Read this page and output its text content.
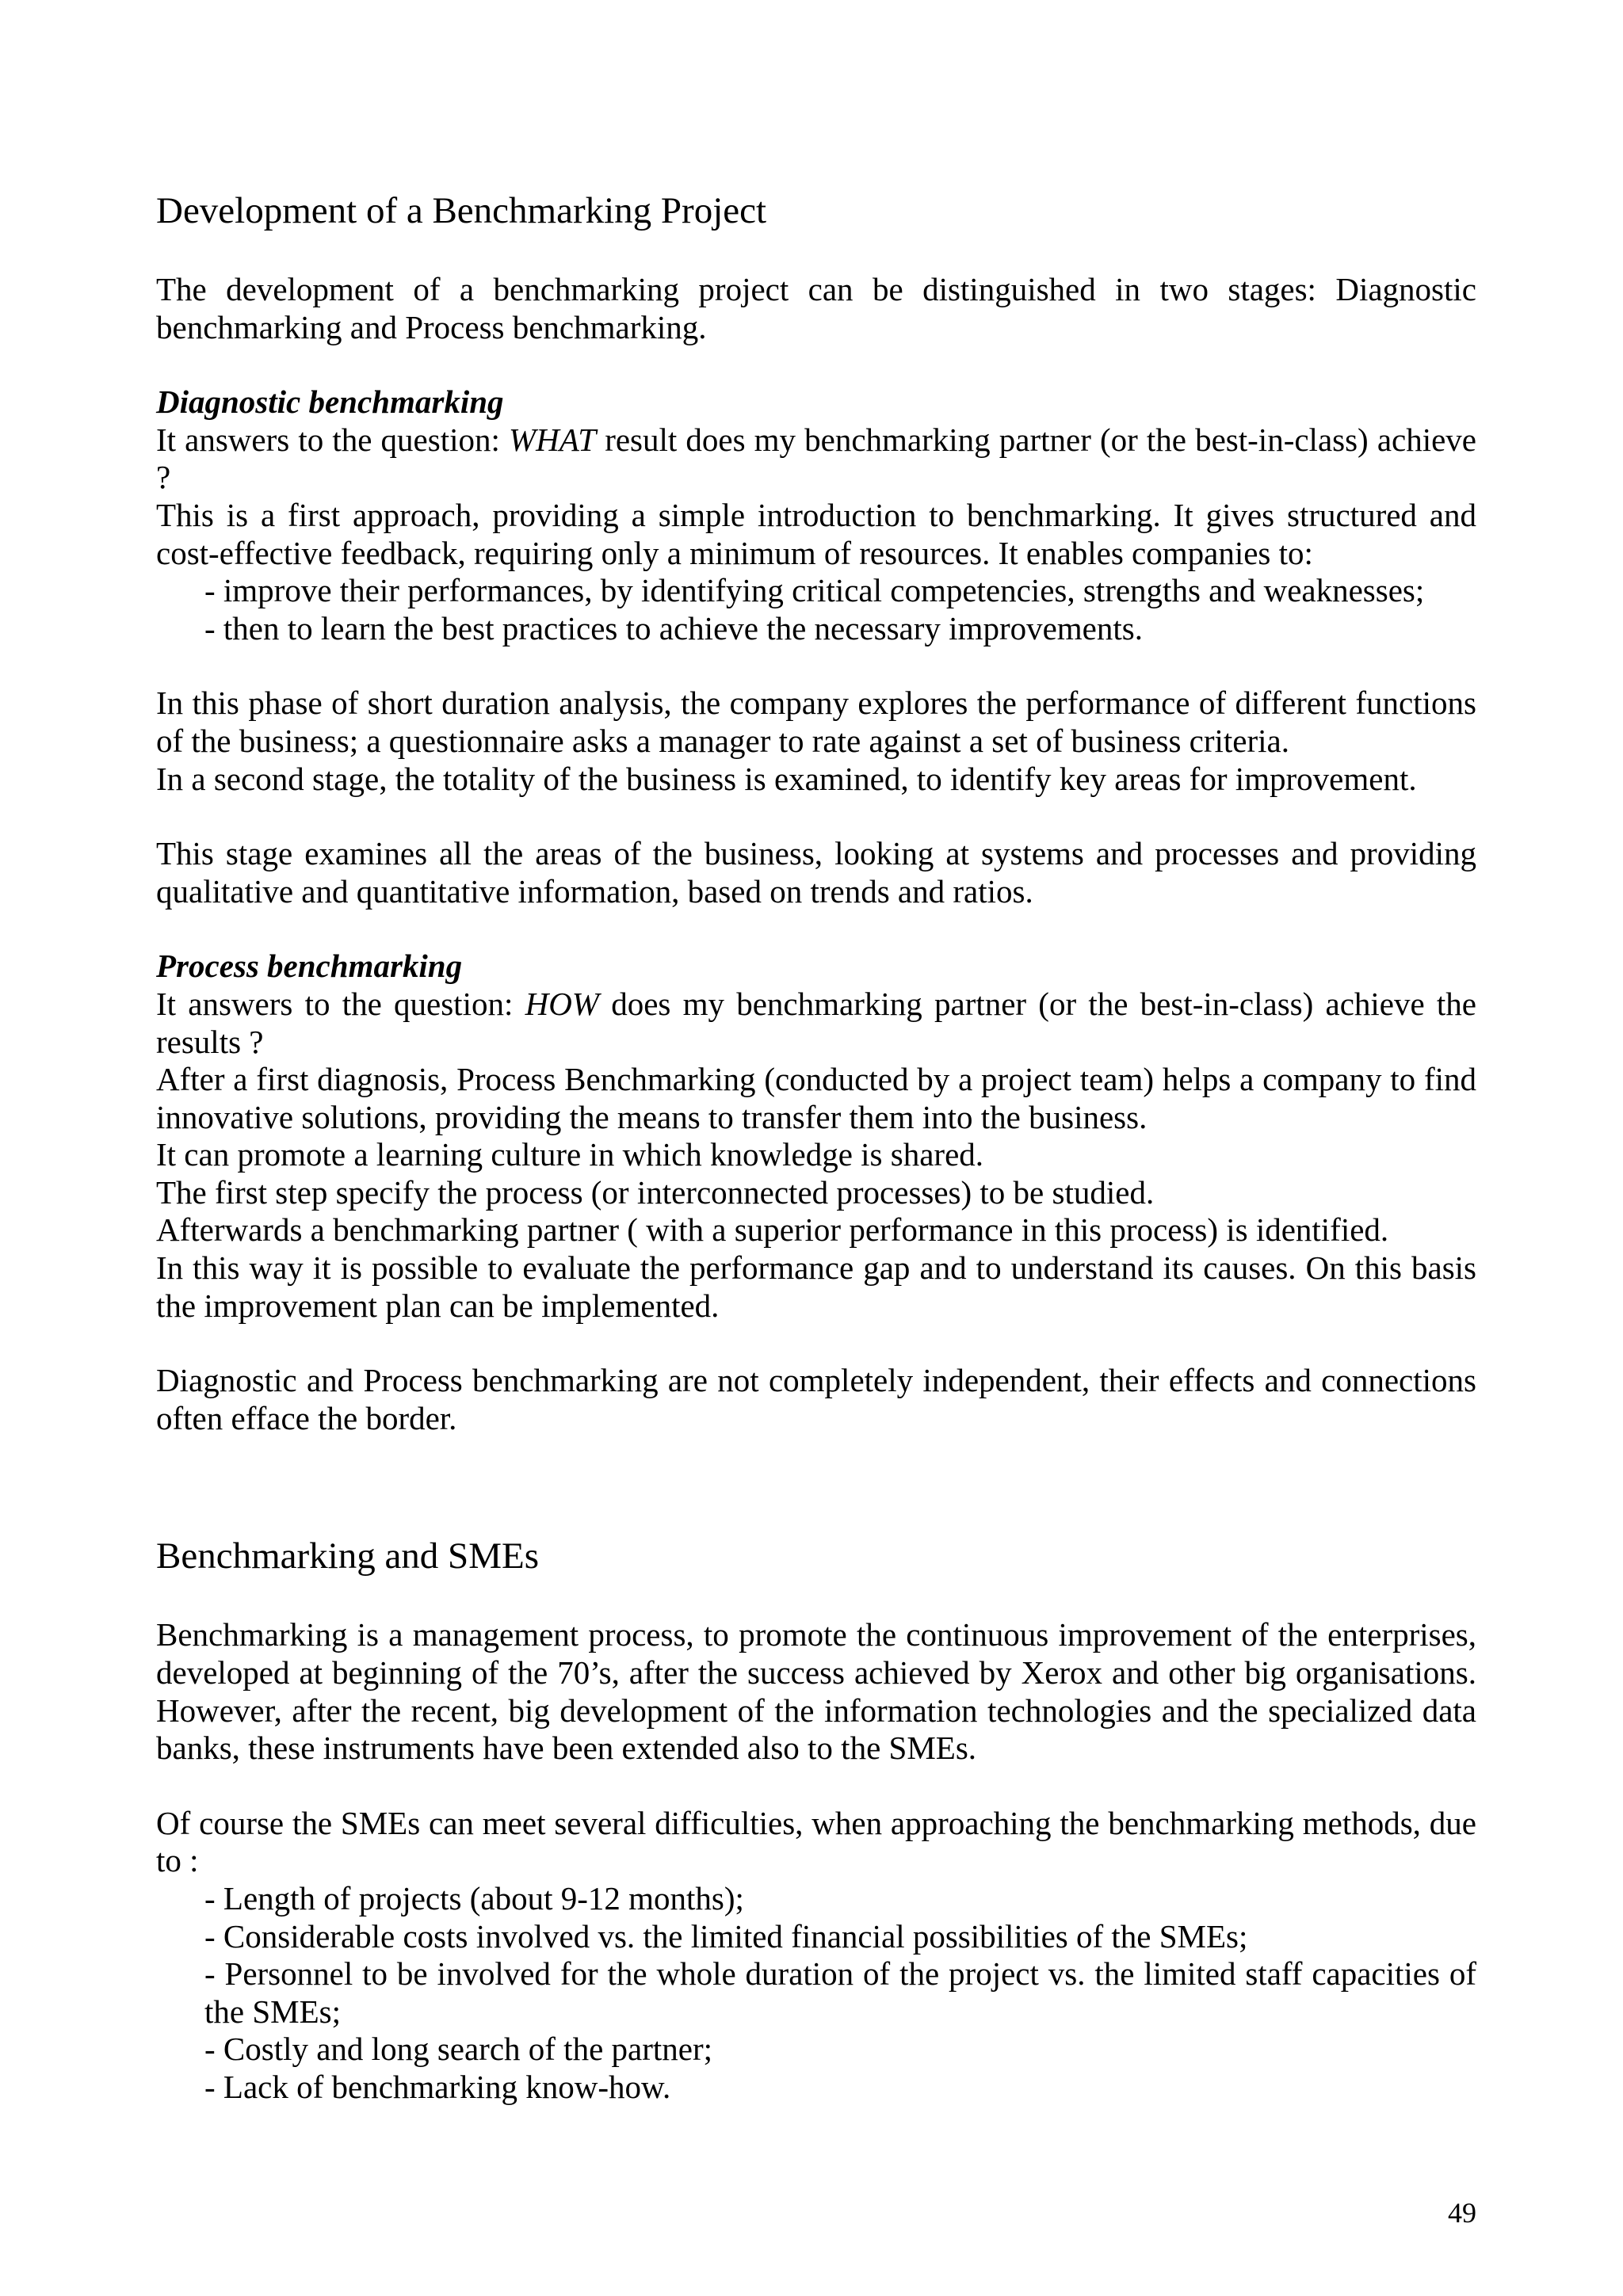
Development of a Benchmarking Project

The development of a benchmarking project can be distinguished in two stages: Diagnostic benchmarking and Process benchmarking.

Diagnostic benchmarking

It answers to the question: WHAT result does my benchmarking partner (or the best-in-class) achieve ?

This is a first approach, providing a simple introduction to benchmarking. It gives structured and cost-effective feedback, requiring only a minimum of resources. It enables companies to:

- improve their performances, by identifying critical competencies, strengths and weaknesses;
- then to learn the best practices to achieve the necessary improvements.

In this phase of short duration analysis, the company explores the performance of different functions of the business; a questionnaire asks a manager to rate against a set of business criteria.

In a second stage, the totality of the business is examined, to identify key areas for improvement.

This stage examines all the areas of the business, looking at systems and processes and providing qualitative and quantitative information, based on trends and ratios.

Process benchmarking

It answers to the question: HOW does my benchmarking partner (or the best-in-class) achieve the results ?

After a first diagnosis, Process Benchmarking (conducted by a project team) helps a company to find innovative solutions, providing the means to transfer them into the business.

It can promote a learning culture in which knowledge is shared.

The first step specify the process (or interconnected processes) to be studied.

Afterwards a benchmarking partner ( with a superior performance in this process) is identified.

In this way it is possible to evaluate the performance gap and to understand its causes. On this basis the improvement plan can be implemented.

Diagnostic and Process benchmarking are not completely independent, their effects and connections often efface the border.

Benchmarking and SMEs

Benchmarking is a management process, to promote the continuous improvement of the enterprises, developed at beginning of the 70’s, after the success achieved by Xerox and other big organisations. However, after the recent, big development of the information technologies and the specialized data banks, these instruments have been extended also to the SMEs.

Of course the SMEs can meet several difficulties, when approaching the benchmarking methods, due to :

- Length of projects (about 9-12 months);
- Considerable costs involved vs. the limited financial possibilities of the SMEs;
- Personnel to be involved for the whole duration of the project vs. the limited staff capacities of the SMEs;
- Costly and long search of the partner;
- Lack of benchmarking know-how.
49
